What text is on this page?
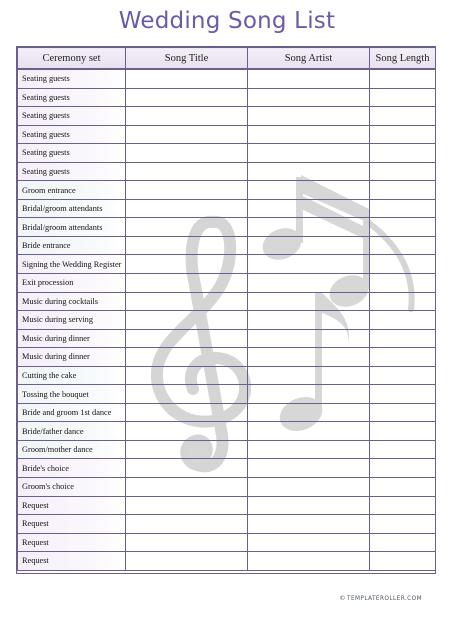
Wedding Song List
Ceremony set	Song Title	Song Artist	Song Length
Seating guests			
Seating guests			
Seating guests			
Seating guests			
Seating guests			
Seating guests			
Groom entrance			
Bridal/groom attendants			
Bridal/groom attendants			
Bride entrance			
Signing the Wedding Register			
Exit procession			
Music during cocktails			
Music during serving			
Music during dinner			
Music during dinner			
Cutting the cake			
Tossing the bouquet			
Bride and groom 1st dance			
Bride/father dance			
Groom/mother dance			
Bride's choice			
Groom's choice			
Request			
Request			
Request			
Request			
©TEMPLATEROLLER.COM
